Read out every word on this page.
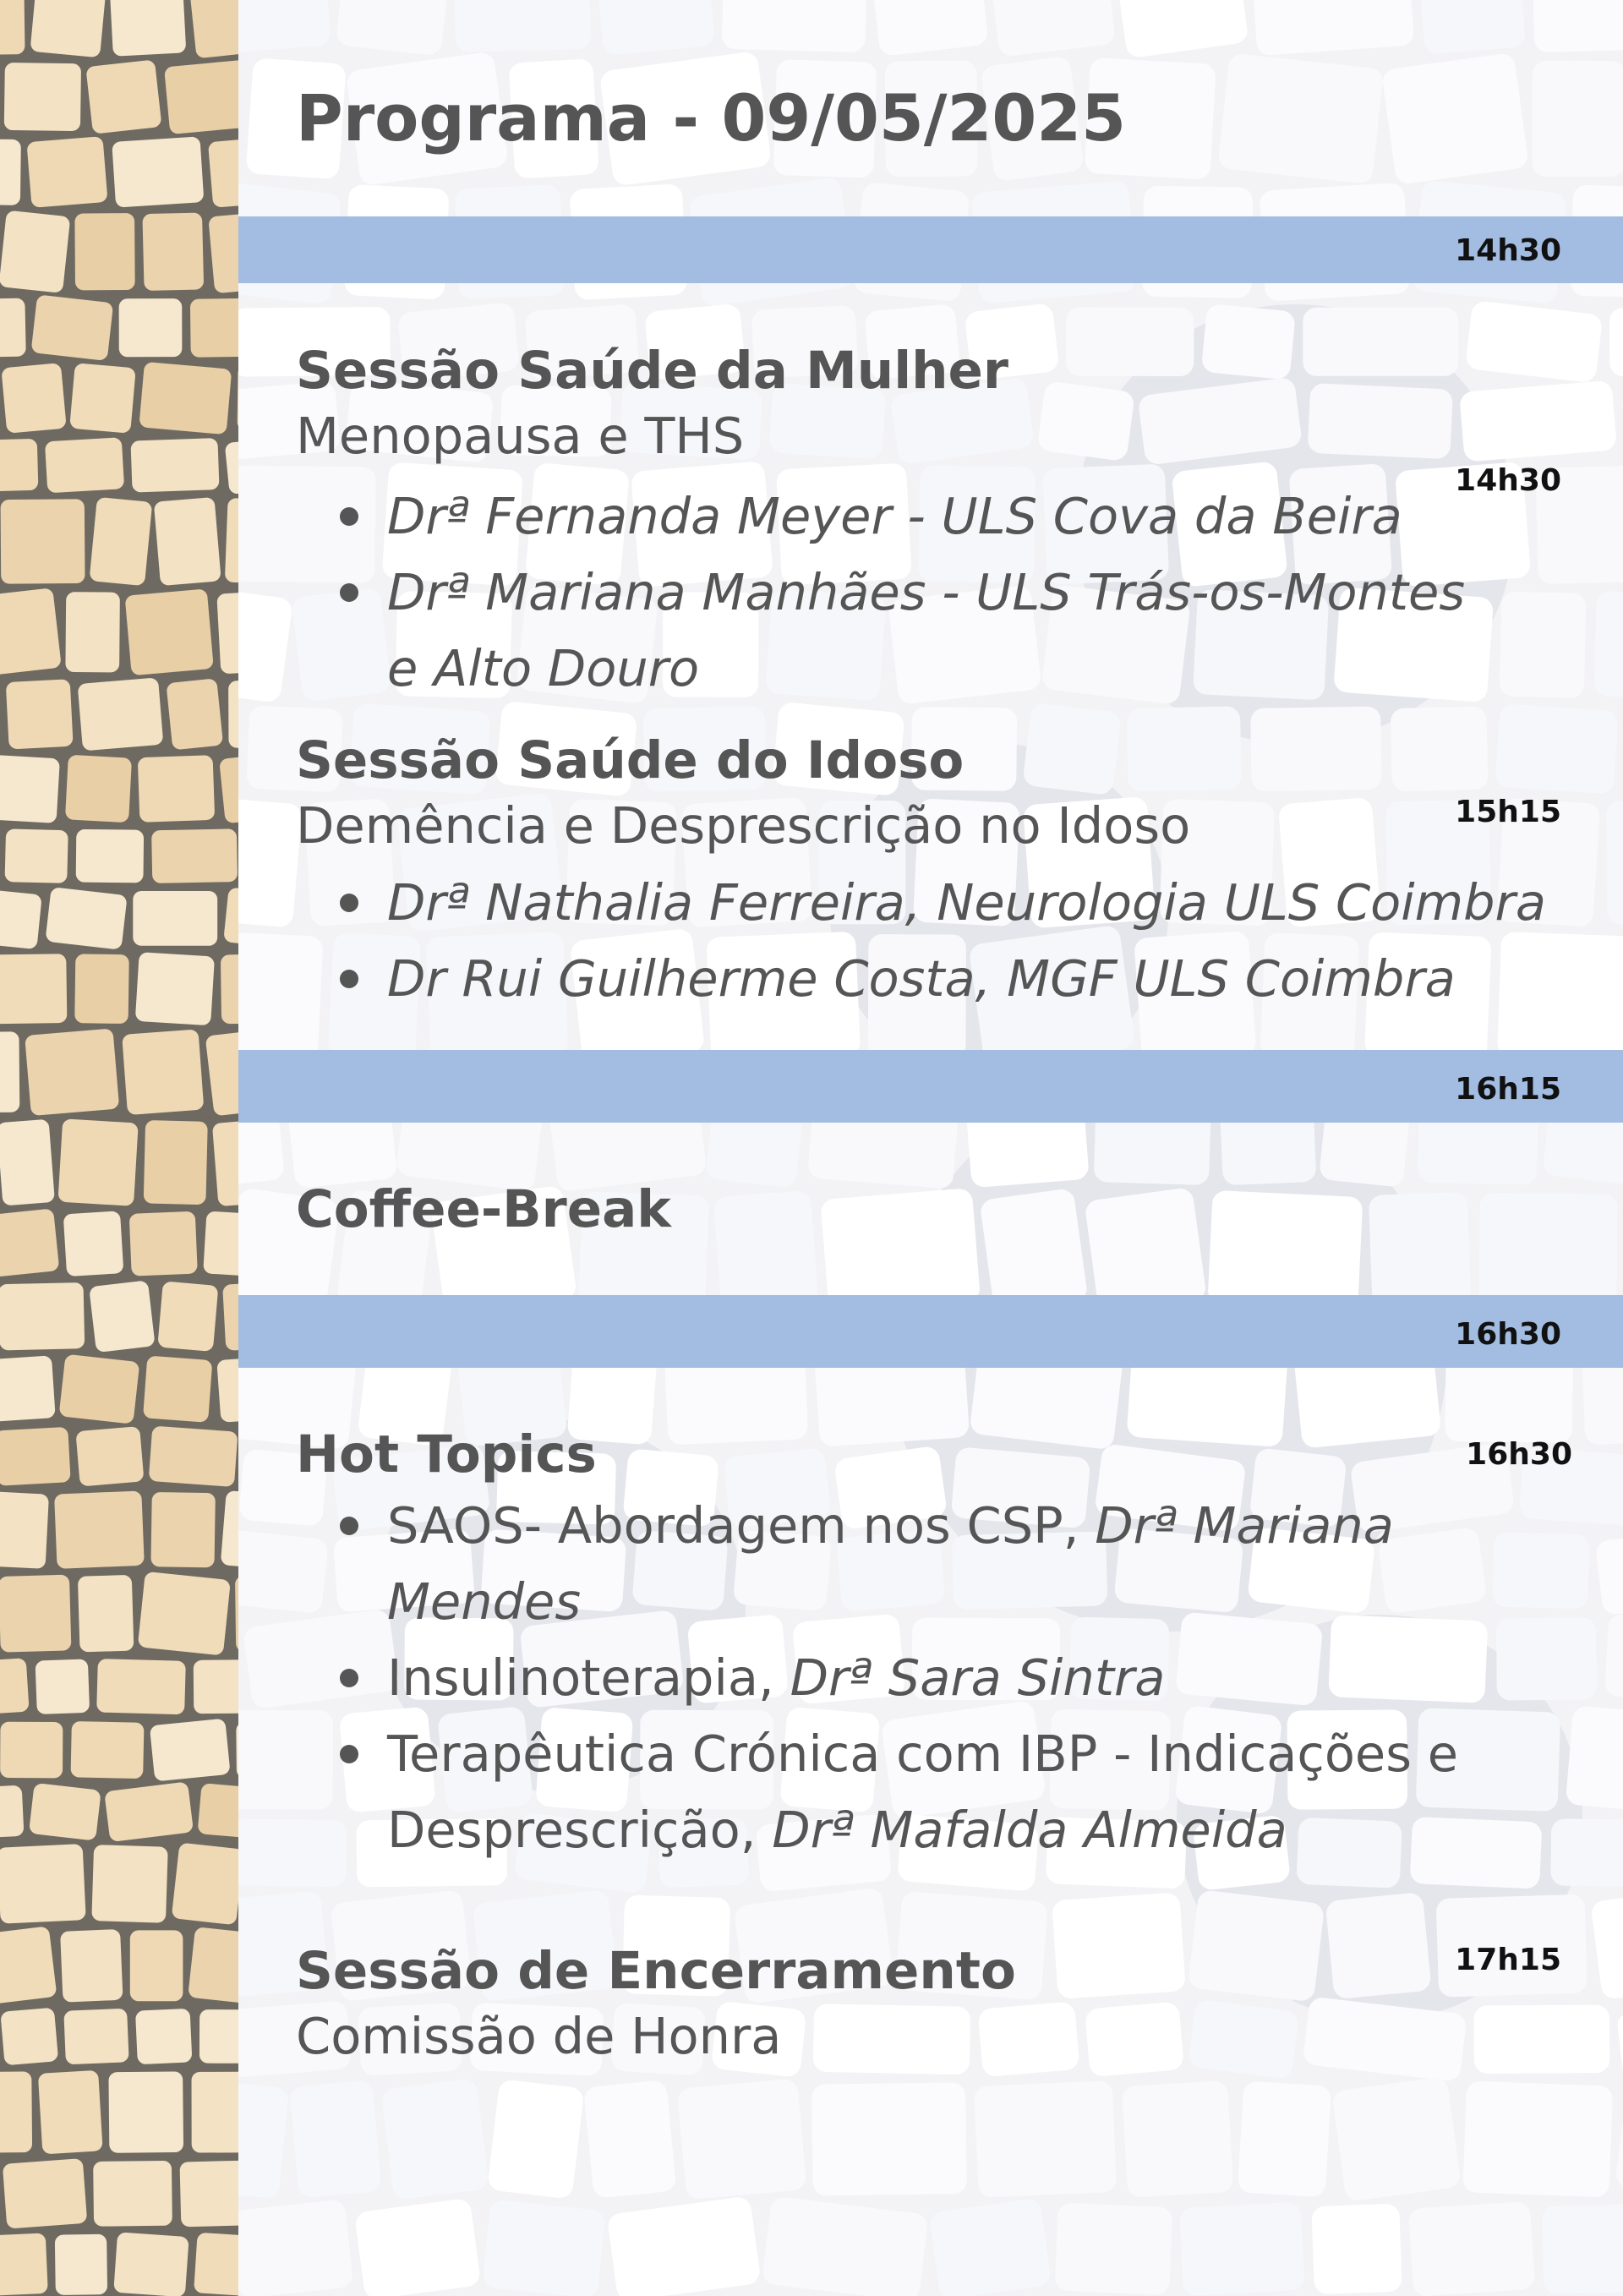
Programa - 09/05/2025
14h30

Sessão Saúde da Mulher

Menopausa e THS

Drª Fernanda Meyer - ULS Cova da Beira
Drª Mariana Manhães - ULS Trás-os-Montes e Alto Douro
14h30

Sessão Saúde do Idoso

Demência e Desprescrição no Idoso

Drª Nathalia Ferreira, Neurologia ULS Coimbra
Dr Rui Guilherme Costa, MGF ULS Coimbra
15h15
16h15

Coffee-Break

16h30

Hot Topics

SAOS- Abordagem nos CSP, Drª Mariana Mendes
Insulinoterapia, Drª Sara Sintra
Terapêutica Crónica com IBP - Indicações e Desprescrição, Drª Mafalda Almeida
16h30

Sessão de Encerramento

Comissão de Honra

17h15
